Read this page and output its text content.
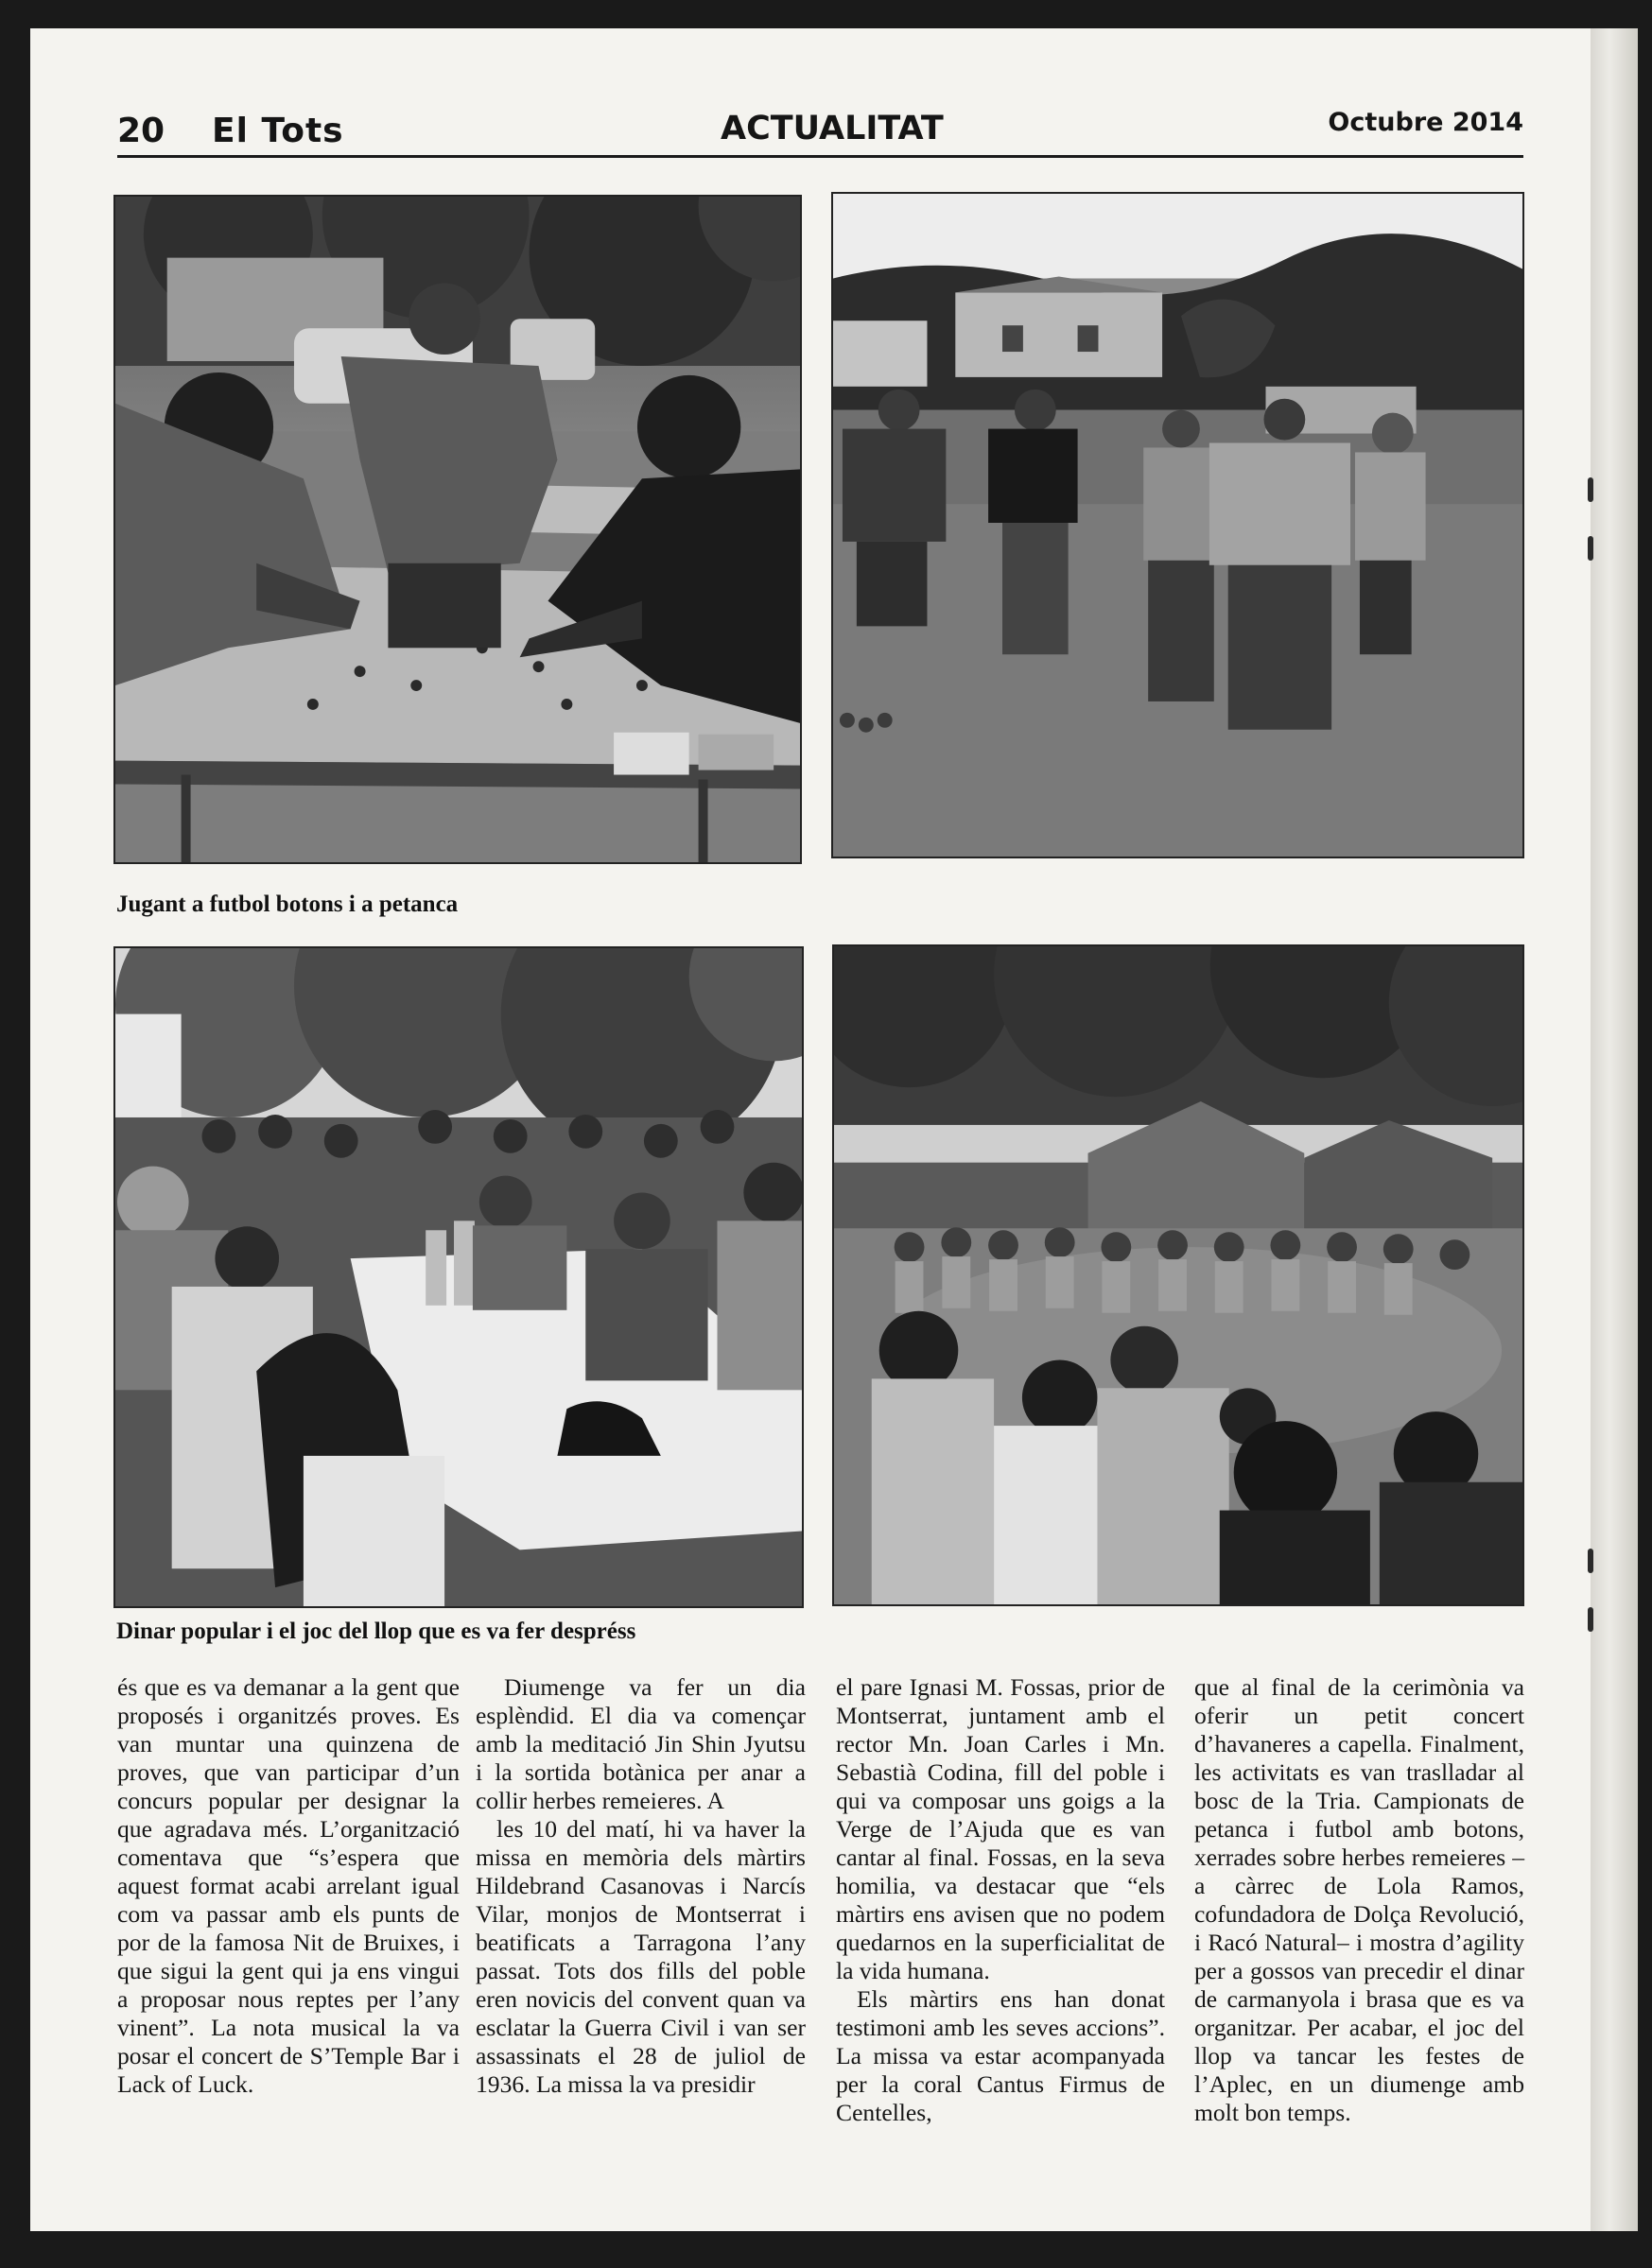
20 El Tots	ACTUALITAT	Octubre 2014
Jugant a futbol botons i a petanca
Dinar popular i el joc del llop que es va fer despréss

és que es va demanar a la gent que proposés i organitzés proves. Es van muntar una quinzena de proves, que van participar d’un concurs popular per designar la que agradava més. L’organització comentava que “s’espera que aquest format acabi arrelant igual com va passar amb els punts de por de la famosa Nit de Bruixes, i que sigui la gent qui ja ens vingui a proposar nous reptes per l’any vinent”. La nota musical la va posar el concert de S’Temple Bar i Lack of Luck.

Diumenge va fer un dia esplèndid. El dia va començar amb la meditació Jin Shin Jyutsu i la sortida botànica per anar a collir herbes remeieres. A

les 10 del matí, hi va haver la missa en memòria dels màrtirs Hildebrand Casanovas i Narcís Vilar, monjos de Montserrat i beatificats a Tarragona l’any passat. Tots dos fills del poble eren novicis del convent quan va esclatar la Guerra Civil i van ser assassinats el 28 de juliol de 1936. La missa la va presidir

el pare Ignasi M. Fossas, prior de Montserrat, juntament amb el rector Mn. Joan Carles i Mn. Sebastià Codina, fill del poble i qui va composar uns goigs a la Verge de l’Ajuda que es van cantar al final. Fossas, en la seva homilia, va destacar que “els màrtirs ens avisen que no podem quedarnos en la superficialitat de la vida humana.

Els màrtirs ens han donat testimoni amb les seves accions”. La missa va estar acompanyada per la coral Cantus Firmus de Centelles,

que al final de la cerimònia va oferir un petit concert d’havaneres a capella. Finalment, les activitats es van traslladar al bosc de la Tria. Campionats de petanca i futbol amb botons, xerrades sobre herbes remeieres –a càrrec de Lola Ramos, cofundadora de Dolça Revolució, i Racó Natural– i mostra d’agility per a gossos van precedir el dinar de carmanyola i brasa que es va organitzar. Per acabar, el joc del llop va tancar les festes de l’Aplec, en un diumenge amb molt bon temps.
